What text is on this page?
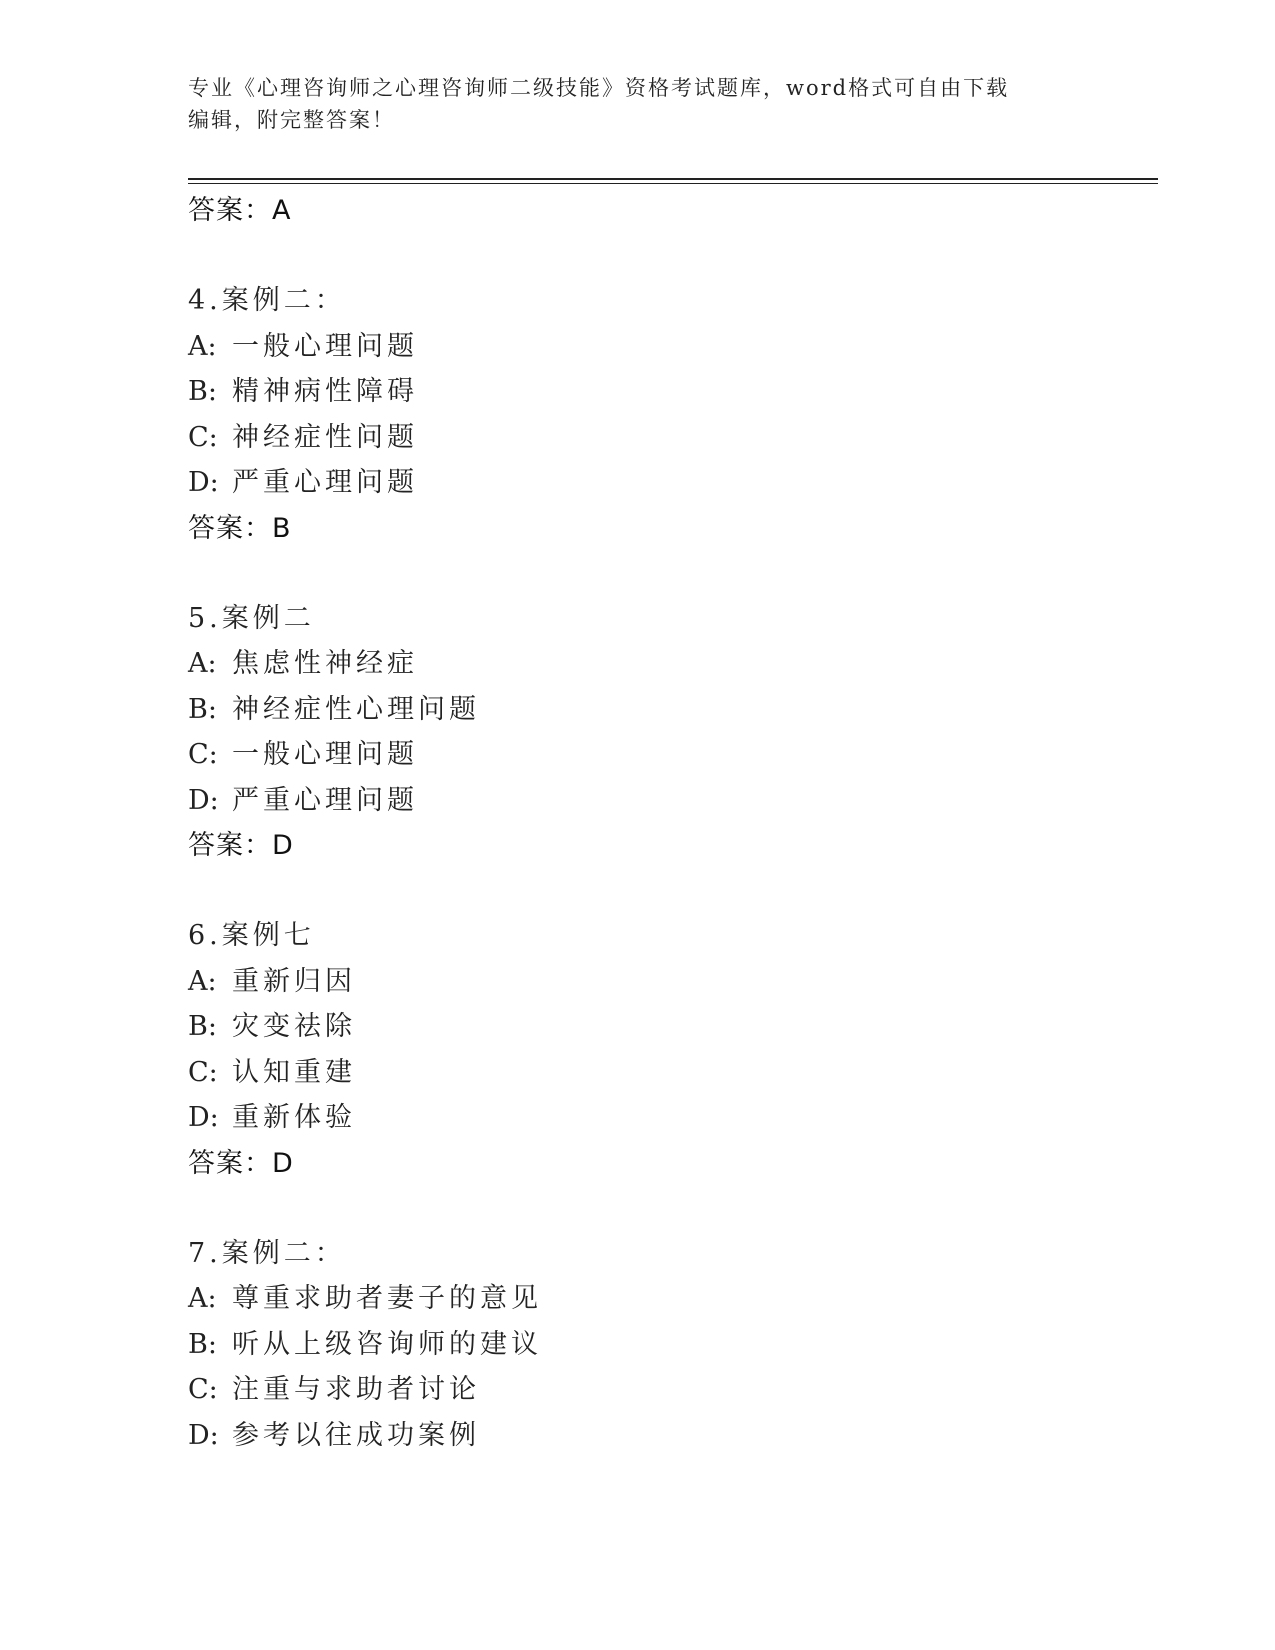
专业《心理咨询师之心理咨询师二级技能》资格考试题库，word格式可自由下载
编辑，附完整答案！
答案：A
4.案例二：
A: 一般心理问题
B: 精神病性障碍
C: 神经症性问题
D: 严重心理问题
答案：B
5.案例二
A: 焦虑性神经症
B: 神经症性心理问题
C: 一般心理问题
D: 严重心理问题
答案：D
6.案例七
A: 重新归因
B: 灾变祛除
C: 认知重建
D: 重新体验
答案：D
7.案例二：
A: 尊重求助者妻子的意见
B: 听从上级咨询师的建议
C: 注重与求助者讨论
D: 参考以往成功案例
